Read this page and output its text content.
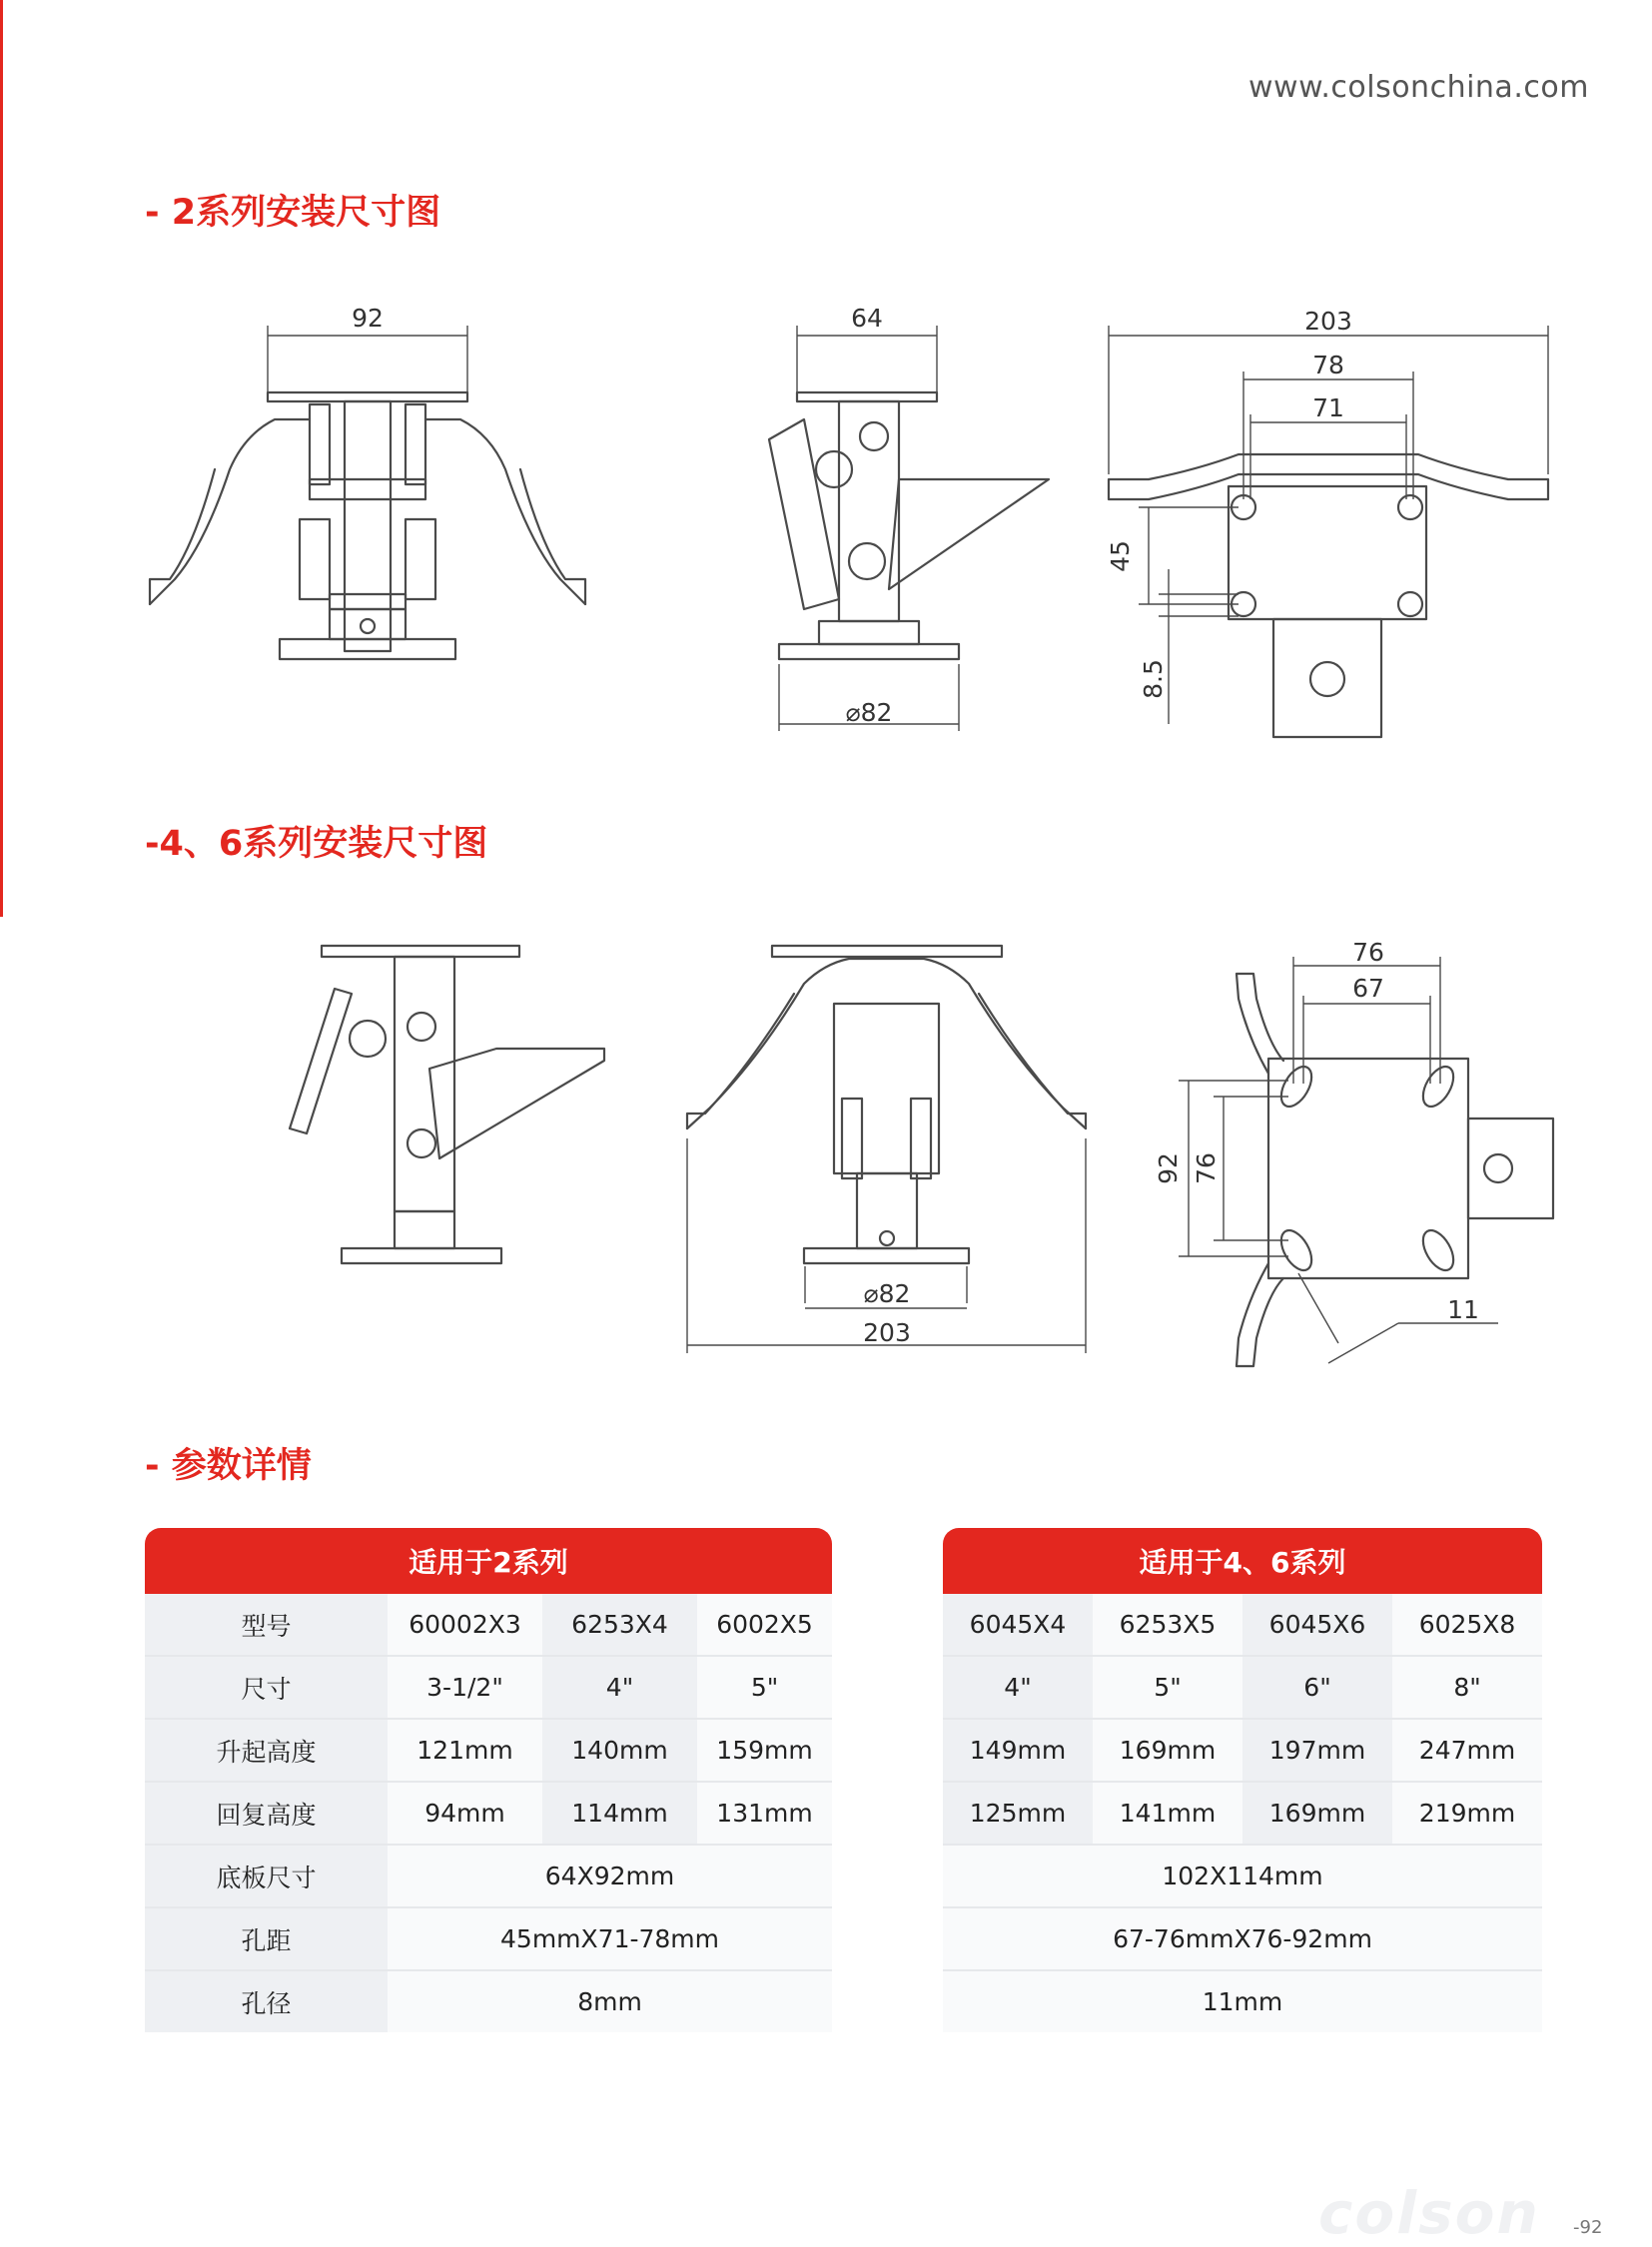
www.colsonchina.com
- 2系列安装尺寸图
-4、6系列安装尺寸图
- 参数详情
92	64
⌀82
203
78
71
45
8.5
⌀82
203
76
67
92 76
11
适用于2系列			
型号	60002X3	6253X4	6002X5
尺寸	3-1/2"	4"	5"
升起高度	121mm	140mm	159mm
回复高度	94mm	114mm	131mm
底板尺寸	64X92mm		
孔距	45mmX71-78mm		
孔径	8mm		
适用于4、6系列			
6045X4	6253X5	6045X6	6025X8
4"	5"	6"	8"
149mm	169mm	197mm	247mm
125mm	141mm	169mm	219mm
102X114mm			
67-76mmX76-92mm			
11mm			
colson -92
